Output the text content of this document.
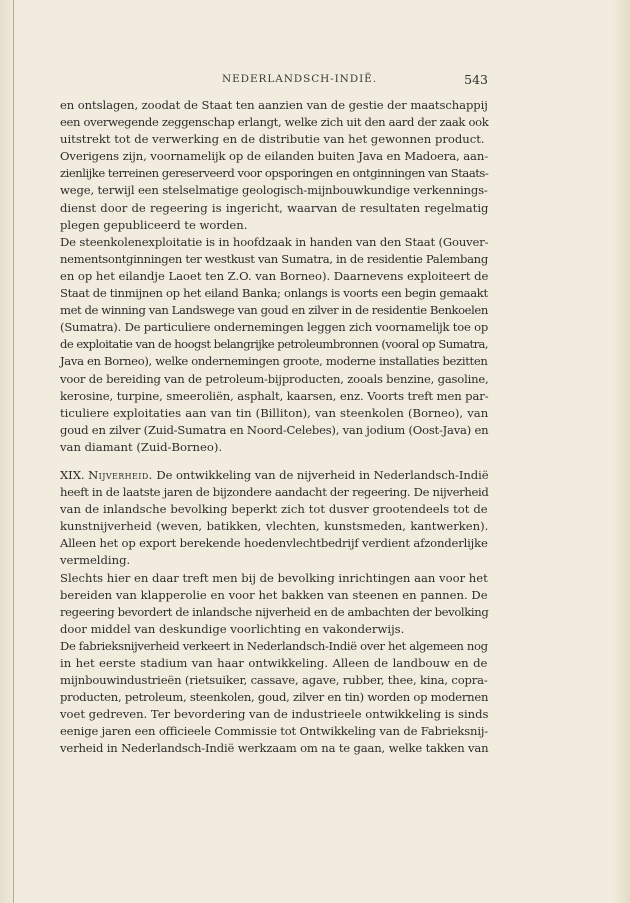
NEDERLANDSCH-INDIË.	543
en ontslagen, zoodat de Staat ten aanzien van de gestie der maatschappij
een overwegende zeggenschap erlangt, welke zich uit den aard der zaak ook
uitstrekt tot de verwerking en de distributie van het gewonnen product.
Overigens zijn, voornamelijk op de eilanden buiten Java en Madoera, aan-
zienlijke terreinen gereserveerd voor opsporingen en ontginningen van Staats-
wege, terwijl een stelselmatige geologisch-mijnbouwkundige verkennings-
dienst door de regeering is ingericht, waarvan de resultaten regelmatig
plegen gepubliceerd te worden.
De steenkolenexploitatie is in hoofdzaak in handen van den Staat (Gouver-
nementsontginningen ter westkust van Sumatra, in de residentie Palembang
en op het eilandje Laoet ten Z.O. van Borneo). Daarnevens exploiteert de
Staat de tinmijnen op het eiland Banka; onlangs is voorts een begin gemaakt
met de winning van Landswege van goud en zilver in de residentie Benkoelen
(Sumatra). De particuliere ondernemingen leggen zich voornamelijk toe op
de exploitatie van de hoogst belangrijke petroleumbronnen (vooral op Sumatra,
Java en Borneo), welke ondernemingen groote, moderne installaties bezitten
voor de bereiding van de petroleum-bijproducten, zooals benzine, gasoline,
kerosine, turpine, smeeroliën, asphalt, kaarsen, enz. Voorts treft men par-
ticuliere exploitaties aan van tin (Billiton), van steenkolen (Borneo), van
goud en zilver (Zuid-Sumatra en Noord-Celebes), van jodium (Oost-Java) en
van diamant (Zuid-Borneo).
XIX. Nijverheid. De ontwikkeling van de nijverheid in Nederlandsch-Indië
heeft in de laatste jaren de bijzondere aandacht der regeering. De nijverheid
van de inlandsche bevolking beperkt zich tot dusver grootendeels tot de
kunstnijverheid (weven, batikken, vlechten, kunstsmeden, kantwerken).
Alleen het op export berekende hoedenvlechtbedrijf verdient afzonderlijke
vermelding.
Slechts hier en daar treft men bij de bevolking inrichtingen aan voor het
bereiden van klapperolie en voor het bakken van steenen en pannen. De
regeering bevordert de inlandsche nijverheid en de ambachten der bevolking
door middel van deskundige voorlichting en vakonderwijs.
De fabrieksnijverheid verkeert in Nederlandsch-Indië over het algemeen nog
in het eerste stadium van haar ontwikkeling. Alleen de landbouw en de
mijnbouwindustrieën (rietsuiker, cassave, agave, rubber, thee, kina, copra-
producten, petroleum, steenkolen, goud, zilver en tin) worden op modernen
voet gedreven. Ter bevordering van de industrieele ontwikkeling is sinds
eenige jaren een officieele Commissie tot Ontwikkeling van de Fabrieksnij-
verheid in Nederlandsch-Indië werkzaam om na te gaan, welke takken van
